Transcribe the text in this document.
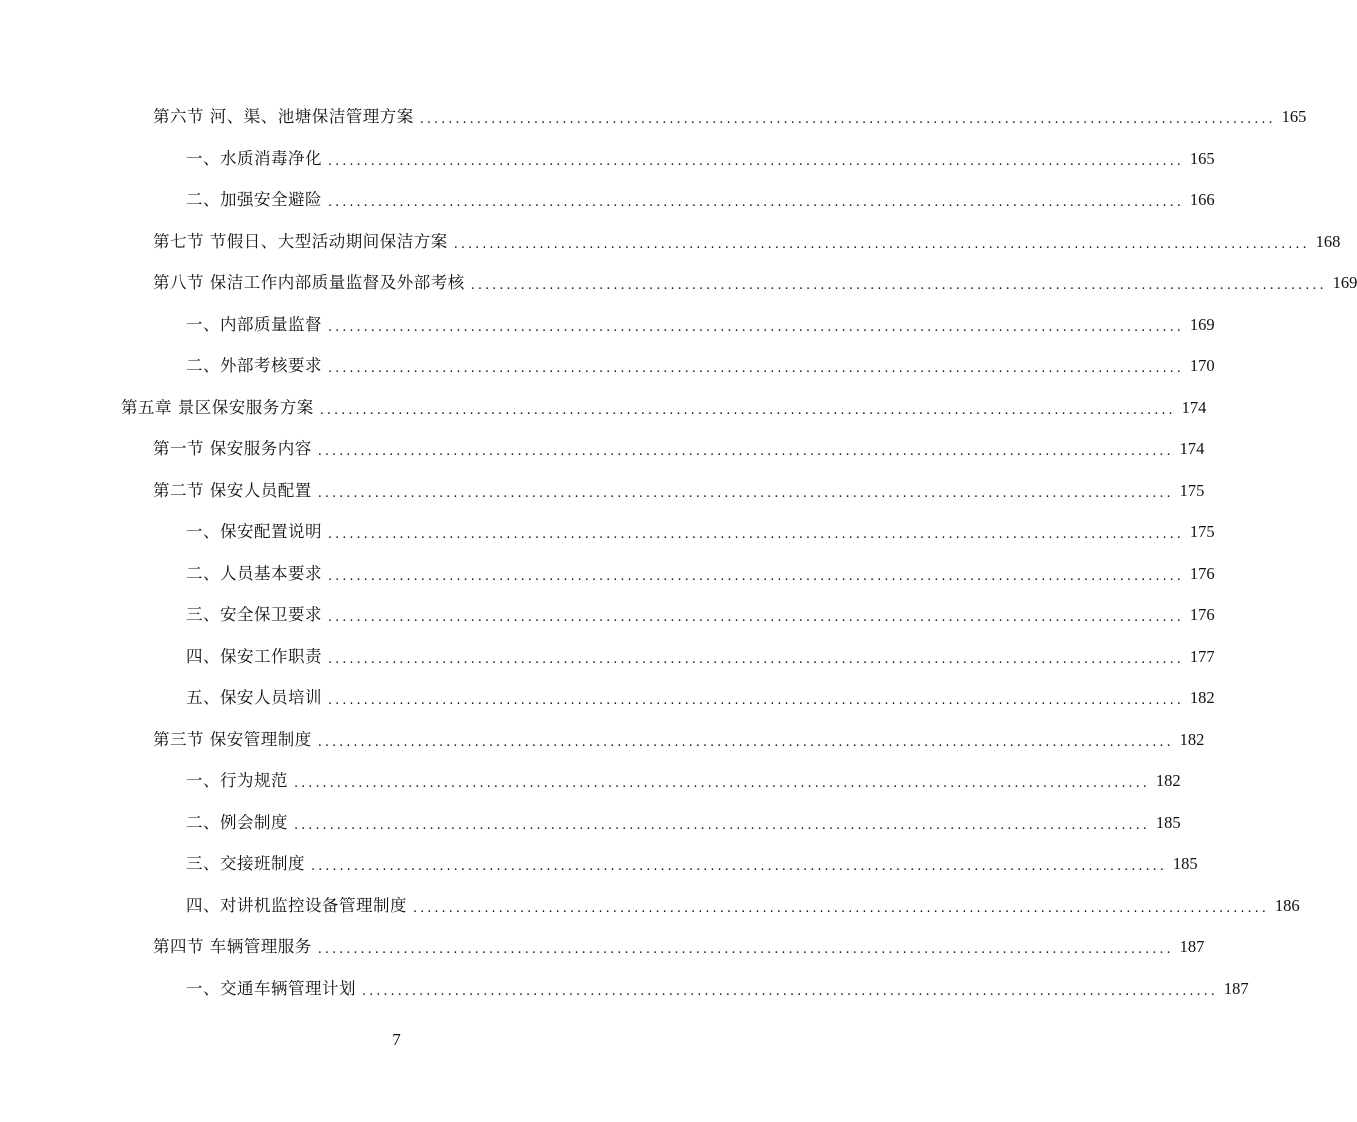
第六节 河、渠、池塘保洁管理方案 ........................................................................................................................ 165
一、水质消毒净化 ........................................................................................................................ 165
二、加强安全避险 ........................................................................................................................ 166
第七节 节假日、大型活动期间保洁方案 ........................................................................................................................ 168
第八节 保洁工作内部质量监督及外部考核 ........................................................................................................................ 169
一、内部质量监督 ........................................................................................................................ 169
二、外部考核要求 ........................................................................................................................ 170
第五章 景区保安服务方案 ........................................................................................................................ 174
第一节 保安服务内容 ........................................................................................................................ 174
第二节 保安人员配置 ........................................................................................................................ 175
一、保安配置说明 ........................................................................................................................ 175
二、人员基本要求 ........................................................................................................................ 176
三、安全保卫要求 ........................................................................................................................ 176
四、保安工作职责 ........................................................................................................................ 177
五、保安人员培训 ........................................................................................................................ 182
第三节 保安管理制度 ........................................................................................................................ 182
一、行为规范 ........................................................................................................................ 182
二、例会制度 ........................................................................................................................ 185
三、交接班制度 ........................................................................................................................ 185
四、对讲机监控设备管理制度 ........................................................................................................................ 186
第四节 车辆管理服务 ........................................................................................................................ 187
一、交通车辆管理计划 ........................................................................................................................ 187
7
